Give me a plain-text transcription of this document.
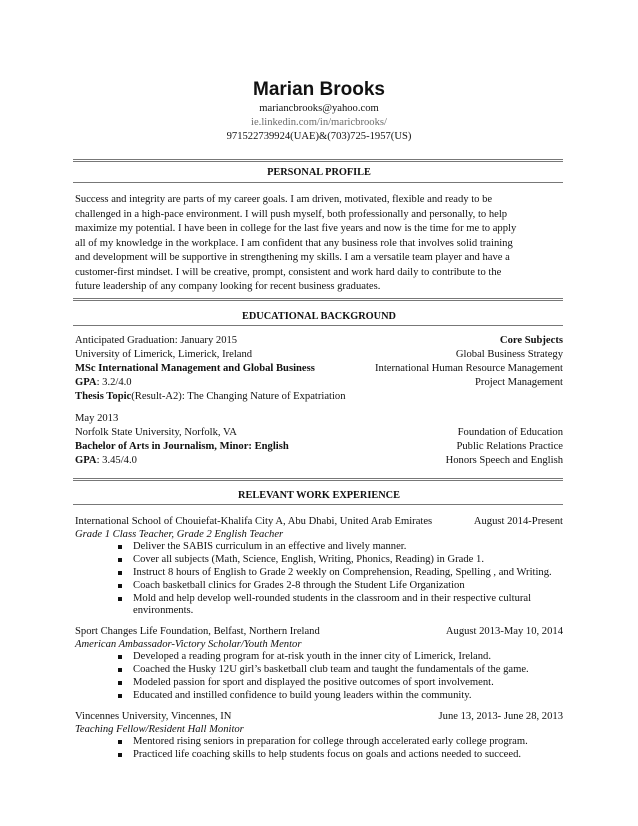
Marian Brooks
mariancbrooks@yahoo.com
ie.linkedin.com/in/maricbrooks/
971522739924(UAE)&(703)725-1957(US)
PERSONAL PROFILE
Success and integrity are parts of my career goals. I am driven, motivated, flexible and ready to be
challenged in a high-pace environment. I will push myself, both professionally and personally, to help
maximize my potential. I have been in college for the last five years and now is the time for me to apply
all of my knowledge in the workplace. I am confident that any business role that involves solid training
and development will be supportive in strengthening my skills. I am a versatile team player and have a
customer-first mindset. I will be creative, prompt, consistent and work hard daily to contribute to the
future leadership of any company looking for recent business graduates.
EDUCATIONAL BACKGROUND
Anticipated Graduation: January 2015	Core Subjects
University of Limerick, Limerick, Ireland	Global Business Strategy
MSc International Management and Global Business	International Human Resource Management
GPA: 3.2/4.0	Project Management
Thesis Topic(Result-A2): The Changing Nature of Expatriation
May 2013
Norfolk State University, Norfolk, VA	Foundation of Education
Bachelor of Arts in Journalism, Minor: English	Public Relations Practice
GPA: 3.45/4.0	Honors Speech and English
RELEVANT WORK EXPERIENCE
International School of Chouiefat-Khalifa City A, Abu Dhabi, United Arab Emirates	August 2014-Present
Grade 1 Class Teacher, Grade 2 English Teacher
Deliver the SABIS curriculum in an effective and lively manner.
Cover all subjects (Math, Science, English, Writing, Phonics, Reading) in Grade 1.
Instruct 8 hours of English to Grade 2 weekly on Comprehension, Reading, Spelling , and Writing.
Coach basketball clinics for Grades 2-8 through the Student Life Organization
Mold and help develop well-rounded students in the classroom and in their respective cultural
environments.
Sport Changes Life Foundation, Belfast, Northern Ireland	August 2013-May 10, 2014
American Ambassador-Victory Scholar/Youth Mentor
Developed a reading program for at-risk youth in the inner city of Limerick, Ireland.
Coached the Husky 12U girl’s basketball club team and taught the fundamentals of the game.
Modeled passion for sport and displayed the positive outcomes of sport involvement.
Educated and instilled confidence to build young leaders within the community.
Vincennes University, Vincennes, IN	June 13, 2013- June 28, 2013
Teaching Fellow/Resident Hall Monitor
Mentored rising seniors in preparation for college through accelerated early college program.
Practiced life coaching skills to help students focus on goals and actions needed to succeed.
